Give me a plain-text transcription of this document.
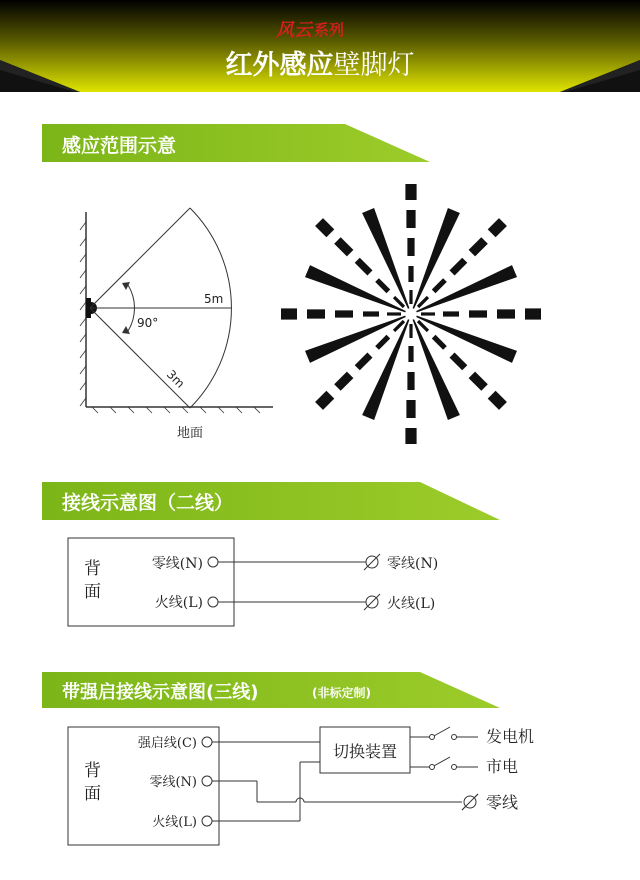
风云 系列
红外感应壁脚灯
感应范围示意
5m
90°
3m
地面
接线示意图（二线）
背
面
零线(N)
火线(L)
零线(N)
火线(L)
带强启接线示意图(三线)	(非标定制)
背
面
强启线(C)
零线(N)
火线(L)
切换装置
发电机
市电
零线
